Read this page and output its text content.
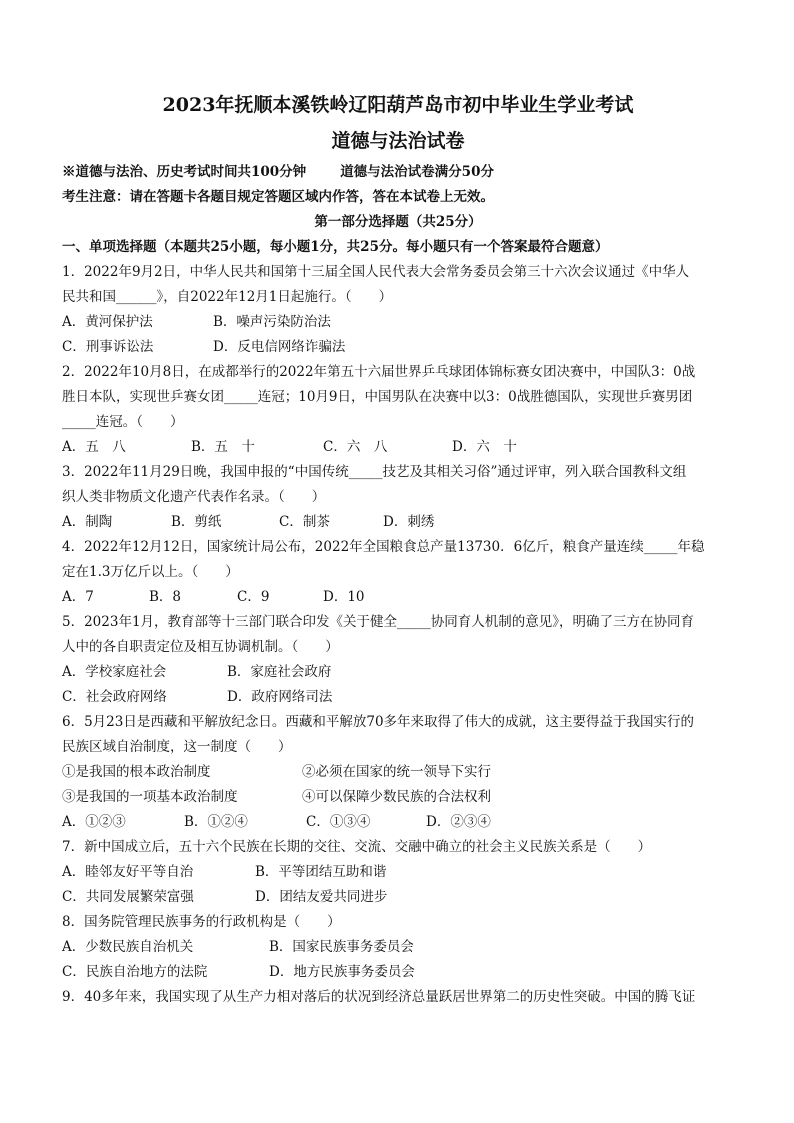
2023年抚顺本溪铁岭辽阳葫芦岛市初中毕业生学业考试
道德与法治试卷
※道德与法治、历史考试时间共100分钟	道德与法治试卷满分50分
考生注意：请在答题卡各题目规定答题区域内作答，答在本试卷上无效。
第一部分选择题（共25分）
一、单项选择题（本题共25小题，每小题1分，共25分。每小题只有一个答案最符合题意）
1．2022年9月2日，中华人民共和国第十三届全国人民代表大会常务委员会第三十六次会议通过《中华人
民共和国______》，自2022年12月1日起施行。（　　）
A．黄河保护法	B．噪声污染防治法
C．刑事诉讼法	D．反电信网络诈骗法
2．2022年10月8日，在成都举行的2022年第五十六届世界乒乓球团体锦标赛女团决赛中，中国队3：0战
胜日本队，实现世乒赛女团_____连冠；10月9日，中国男队在决赛中以3：0战胜德国队，实现世乒赛男团
_____连冠。（　　）
A．五　八	B．五　十	C．六　八	D．六　十
3．2022年11月29日晚，我国申报的“中国传统_____技艺及其相关习俗”通过评审，列入联合国教科文组
织人类非物质文化遗产代表作名录。（　　）
A．制陶	B．剪纸	C．制茶	D．刺绣
4．2022年12月12日，国家统计局公布，2022年全国粮食总产量13730．6亿斤，粮食产量连续_____年稳
定在1.3万亿斤以上。（　　）
A．7	B．8	C．9	D．10
5．2023年1月，教育部等十三部门联合印发《关于健全_____协同育人机制的意见》，明确了三方在协同育
人中的各自职责定位及相互协调机制。（　　）
A．学校家庭社会	B．家庭社会政府
C．社会政府网络	D．政府网络司法
6．5月23日是西藏和平解放纪念日。西藏和平解放70多年来取得了伟大的成就，这主要得益于我国实行的
民族区域自治制度，这一制度（　　）
①是我国的根本政治制度	②必须在国家的统一领导下实行
③是我国的一项基本政治制度	④可以保障少数民族的合法权利
A．①②③	B．①②④	C．①③④	D．②③④
7．新中国成立后，五十六个民族在长期的交往、交流、交融中确立的社会主义民族关系是（　　）
A．睦邻友好平等自治	B．平等团结互助和谐
C．共同发展繁荣富强	D．团结友爱共同进步
8．国务院管理民族事务的行政机构是（　　）
A．少数民族自治机关	B．国家民族事务委员会
C．民族自治地方的法院	D．地方民族事务委员会
9．40多年来，我国实现了从生产力相对落后的状况到经济总量跃居世界第二的历史性突破。中国的腾飞证
